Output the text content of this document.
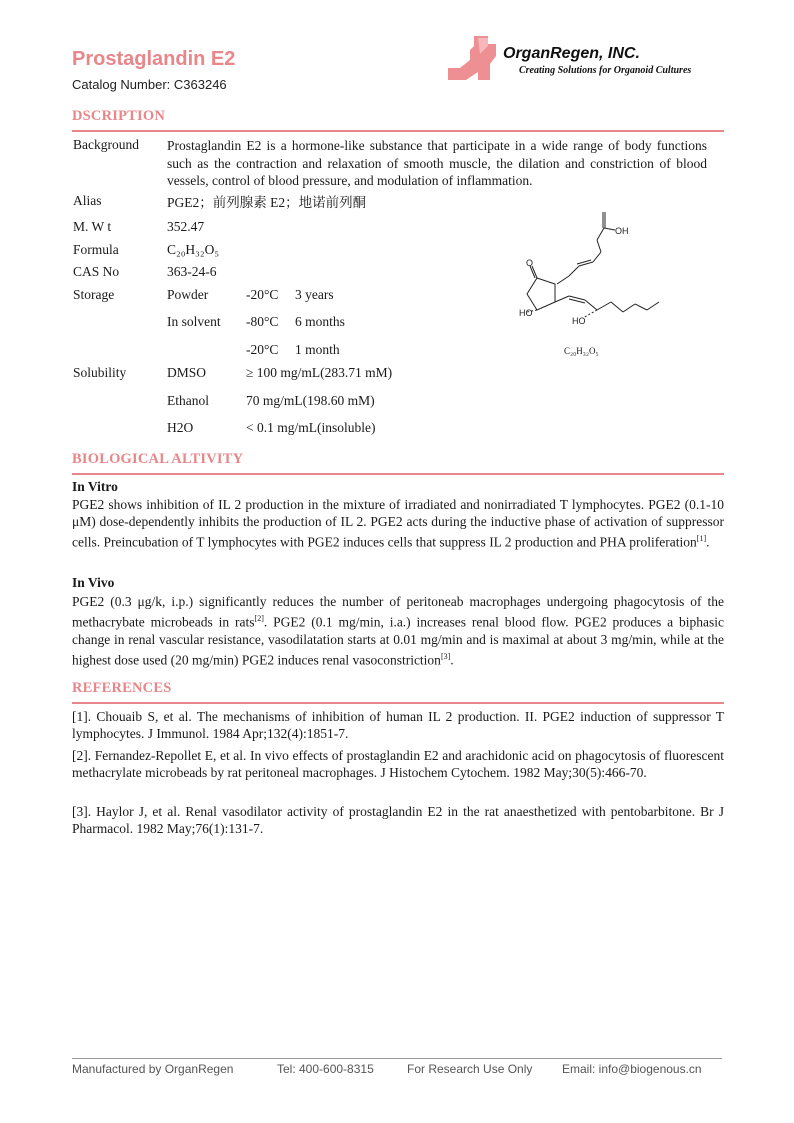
Prostaglandin E2
Catalog Number: C363246
OrganRegen, INC.
Creating Solutions for Organoid Cultures
DSCRIPTION
Background Prostaglandin E2 is a hormone-like substance that participate in a wide range of body functions such as the contraction and relaxation of smooth muscle, the dilation and constriction of blood vessels, control of blood pressure, and modulation of inflammation.
Alias	PGE2；前列腺素 E2；地诺前列酮
M. W t	352.47
Formula	C₂₀H₃₂O₅
CAS No	363-24-6
Storage	Powder	-20°C 3 years
In solvent -80°C 6 months
-20°C 1 month
Solubility	DMSO	≥ 100 mg/mL(283.71 mM)
Ethanol	70 mg/mL(198.60 mM)
H2O	< 0.1 mg/mL(insoluble)
OH
O
HO
HO
C₂₀H₃₂O₅
BIOLOGICAL ALTIVITY
In Vitro
PGE2 shows inhibition of IL 2 production in the mixture of irradiated and nonirradiated T lymphocytes. PGE2 (0.1-10 μM) dose-dependently inhibits the production of IL 2. PGE2 acts during the inductive phase of activation of suppressor cells. Preincubation of T lymphocytes with PGE2 induces cells that suppress IL 2 production and PHA proliferation[1].
In Vivo
PGE2 (0.3 μg/k, i.p.) significantly reduces the number of peritoneab macrophages undergoing phagocytosis of the methacrybate microbeads in rats[2]. PGE2 (0.1 mg/min, i.a.) increases renal blood flow. PGE2 produces a biphasic change in renal vascular resistance, vasodilatation starts at 0.01 mg/min and is maximal at about 3 mg/min, while at the highest dose used (20 mg/min) PGE2 induces renal vasoconstriction[3].
REFERENCES
[1]. Chouaib S, et al. The mechanisms of inhibition of human IL 2 production. II. PGE2 induction of suppressor T lymphocytes. J Immunol. 1984 Apr;132(4):1851-7.
[2]. Fernandez-Repollet E, et al. In vivo effects of prostaglandin E2 and arachidonic acid on phagocytosis of fluorescent methacrylate microbeads by rat peritoneal macrophages. J Histochem Cytochem. 1982 May;30(5):466-70.
[3]. Haylor J, et al. Renal vasodilator activity of prostaglandin E2 in the rat anaesthetized with pentobarbitone. Br J Pharmacol. 1982 May;76(1):131-7.
Manufactured by OrganRegen	Tel: 400-600-8315	For Research Use Only Email: info@biogenous.cn
